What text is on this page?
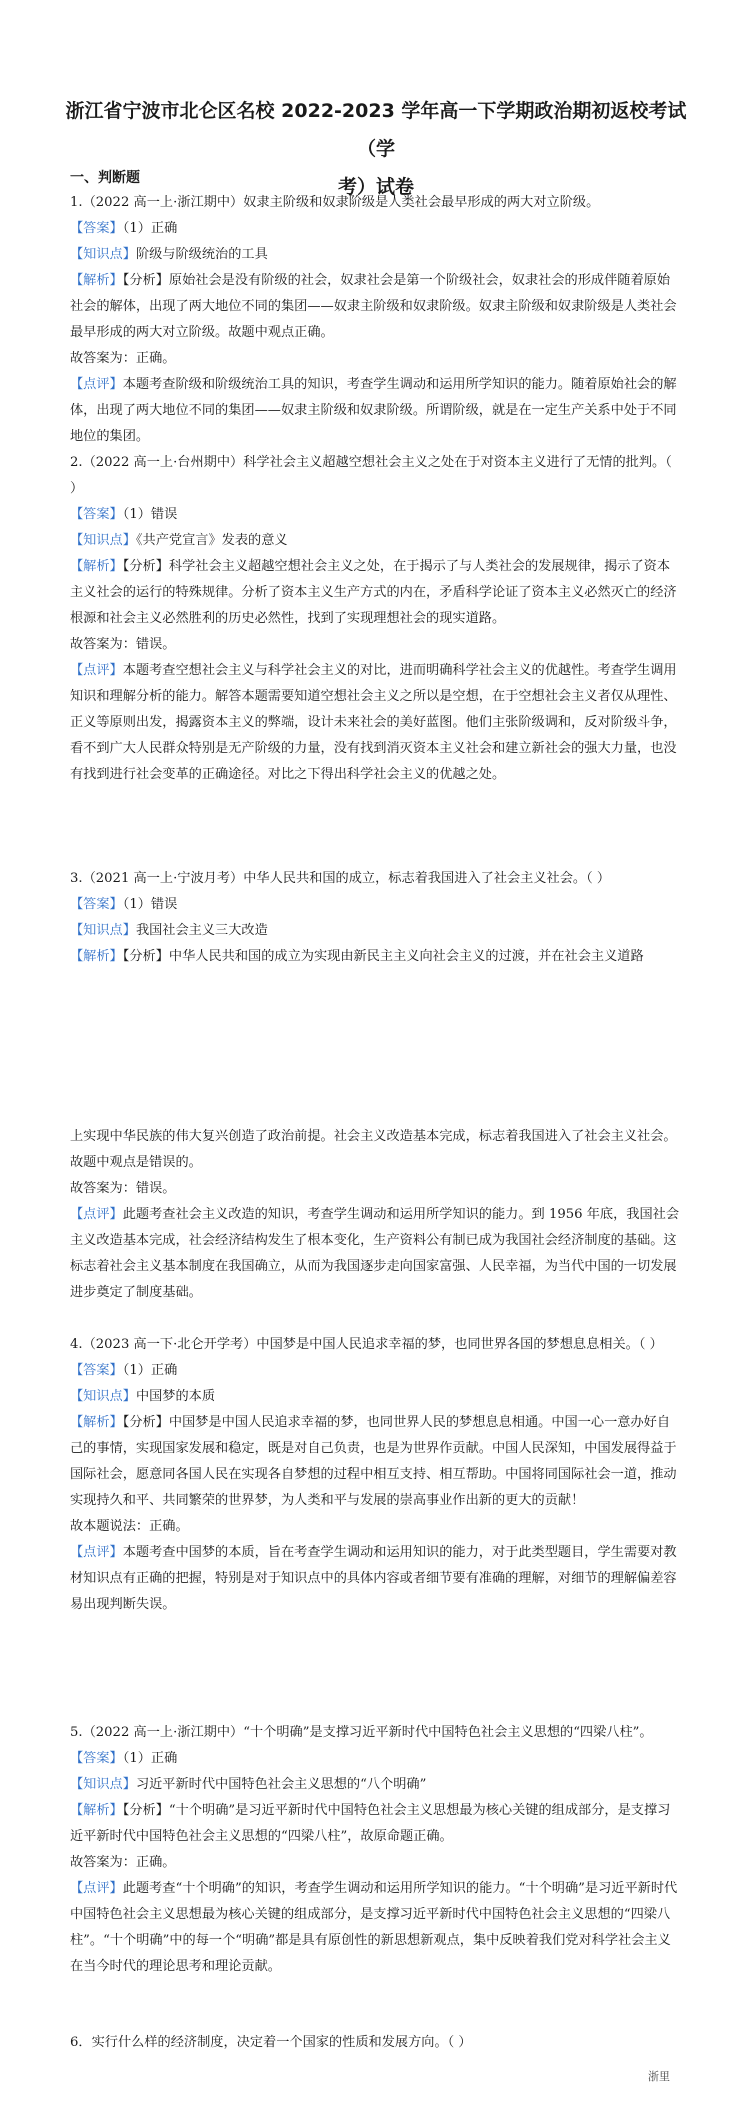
浙江省宁波市北仑区名校 2022-2023 学年高一下学期政治期初返校考试（学
考）试卷
一、判断题

1.（2022 高一上·浙江期中）奴隶主阶级和奴隶阶级是人类社会最早形成的两大对立阶级。

【答案】（1）正确

【知识点】阶级与阶级统治的工具

【解析】【分析】原始社会是没有阶级的社会，奴隶社会是第一个阶级社会，奴隶社会的形成伴随着原始社会的解体，出现了两大地位不同的集团——奴隶主阶级和奴隶阶级。奴隶主阶级和奴隶阶级是人类社会最早形成的两大对立阶级。故题中观点正确。

故答案为：正确。

【点评】本题考查阶级和阶级统治工具的知识，考查学生调动和运用所学知识的能力。随着原始社会的解体，出现了两大地位不同的集团——奴隶主阶级和奴隶阶级。所谓阶级，就是在一定生产关系中处于不同地位的集团。

2.（2022 高一上·台州期中）科学社会主义超越空想社会主义之处在于对资本主义进行了无情的批判。（ ）

【答案】（1）错误

【知识点】《共产党宣言》发表的意义

【解析】【分析】科学社会主义超越空想社会主义之处，在于揭示了与人类社会的发展规律，揭示了资本主义社会的运行的特殊规律。分析了资本主义生产方式的内在，矛盾科学论证了资本主义必然灭亡的经济根源和社会主义必然胜利的历史必然性，找到了实现理想社会的现实道路。

故答案为：错误。

【点评】本题考查空想社会主义与科学社会主义的对比，进而明确科学社会主义的优越性。考查学生调用知识和理解分析的能力。解答本题需要知道空想社会主义之所以是空想，在于空想社会主义者仅从理性、正义等原则出发，揭露资本主义的弊端，设计未来社会的美好蓝图。他们主张阶级调和，反对阶级斗争，看不到广大人民群众特别是无产阶级的力量，没有找到消灭资本主义社会和建立新社会的强大力量，也没有找到进行社会变革的正确途径。对比之下得出科学社会主义的优越之处。

3.（2021 高一上·宁波月考）中华人民共和国的成立，标志着我国进入了社会主义社会。（ ）

【答案】（1）错误

【知识点】我国社会主义三大改造

【解析】【分析】中华人民共和国的成立为实现由新民主主义向社会主义的过渡，并在社会主义道路

上实现中华民族的伟大复兴创造了政治前提。社会主义改造基本完成，标志着我国进入了社会主义社会。故题中观点是错误的。

故答案为：错误。

【点评】此题考查社会主义改造的知识，考查学生调动和运用所学知识的能力。到 1956 年底，我国社会主义改造基本完成，社会经济结构发生了根本变化，生产资料公有制已成为我国社会经济制度的基础。这标志着社会主义基本制度在我国确立，从而为我国逐步走向国家富强、人民幸福，为当代中国的一切发展进步奠定了制度基础。

4.（2023 高一下·北仑开学考）中国梦是中国人民追求幸福的梦，也同世界各国的梦想息息相关。（ ）

【答案】（1）正确

【知识点】中国梦的本质

【解析】【分析】中国梦是中国人民追求幸福的梦，也同世界人民的梦想息息相通。中国一心一意办好自己的事情，实现国家发展和稳定，既是对自己负责，也是为世界作贡献。中国人民深知，中国发展得益于国际社会，愿意同各国人民在实现各自梦想的过程中相互支持、相互帮助。中国将同国际社会一道，推动实现持久和平、共同繁荣的世界梦，为人类和平与发展的崇高事业作出新的更大的贡献！

故本题说法：正确。

【点评】本题考查中国梦的本质，旨在考查学生调动和运用知识的能力，对于此类型题目，学生需要对教材知识点有正确的把握，特别是对于知识点中的具体内容或者细节要有准确的理解，对细节的理解偏差容易出现判断失误。

5.（2022 高一上·浙江期中）“十个明确”是支撑习近平新时代中国特色社会主义思想的“四梁八柱”。

【答案】（1）正确

【知识点】习近平新时代中国特色社会主义思想的“八个明确”

【解析】【分析】“十个明确”是习近平新时代中国特色社会主义思想最为核心关键的组成部分，是支撑习近平新时代中国特色社会主义思想的“四梁八柱”，故原命题正确。

故答案为：正确。

【点评】此题考查“十个明确”的知识，考查学生调动和运用所学知识的能力。“十个明确”是习近平新时代中国特色社会主义思想最为核心关键的组成部分，是支撑习近平新时代中国特色社会主义思想的“四梁八柱”。“十个明确”中的每一个“明确”都是具有原创性的新思想新观点，集中反映着我们党对科学社会主义在当今时代的理论思考和理论贡献。

6．实行什么样的经济制度，决定着一个国家的性质和发展方向。（ ）

浙里
